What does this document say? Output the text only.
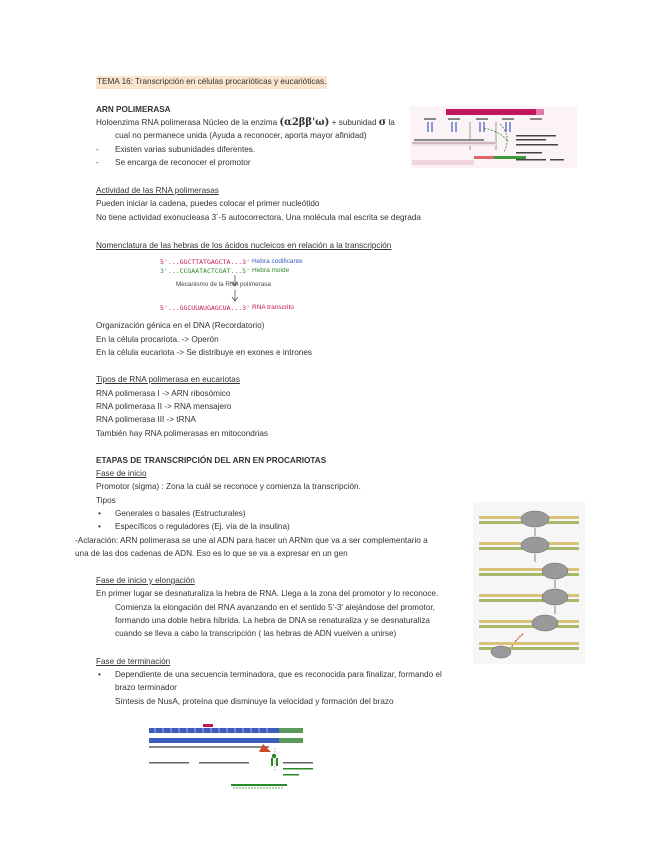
TEMA 16: Transcripción en células procarióticas y eucarióticas.
ARN POLIMERASA
Holoenzima RNA polimerasa Núcleo de la enzima (α2ββ'ω) + subunidad σ la
cual no permanece unida (Ayuda a reconocer, aporta mayor afinidad)
- Existen varias subunidades diferentes.
- Se encarga de reconocer el promotor
Actividad de las RNA polimerasas
Pueden iniciar la cadena, puedes colocar el primer nucleótido
No tiene actividad exonucleasa 3´-5 autocorrectora. Una molécula mal escrita se degrada
Nomenclatura de las hebras de los ácidos nucleicos en relación a la transcripción
5'...GGCTTATGAGCTA...3' Hebra codificante
3'...CCGAATACTCGAT...5' Hebra molde
Mecanismo de la RNA polimerasa
5'...GGCUUAUGAGCUA...3' RNA transcrito
Organización génica en el DNA (Recordatorio)
En la célula procariota. -> Operón
En la célula eucariota -> Se distribuye en exones e intrones
Tipos de RNA polimerasa en eucariotas
RNA polimerasa I -> ARN ribosómico
RNA polimerasa II -> RNA mensajero
RNA polimerasa III -> tRNA
También hay RNA polimerasas en mitocondrias
ETAPAS DE TRANSCRIPCIÓN DEL ARN EN PROCARIOTAS
Fase de inicio
Promotor (sigma) : Zona la cuál se reconoce y comienza la transcripción.
Tipos
• Generales o basales (Estructurales)
• Específicos o reguladores (Ej. vía de la insulina)
-Aclaración: ARN polimerasa se une al ADN para hacer un ARNm que va a ser complementario a
una de las dos cadenas de ADN. Eso es lo que se va a expresar en un gen
Fase de inicio y elongación
En primer lugar se desnaturaliza la hebra de RNA. Llega a la zona del promotor y lo reconoce.
Comienza la elongación del RNA avanzando en el sentido 5'-3' alejándose del promotor,
formando una doble hebra híbrida. La hebra de DNA se renaturaliza y se desnaturaliza
cuando se lleva a cabo la transcripción ( las hebras de ADN vuelven a unirse)
Fase de terminación
• Dependiente de una secuencia terminadora, que es reconocida para finalizar, formando el
brazo terminador
Síntesis de NusA, proteína que disminuye la velocidad y formación del brazo
